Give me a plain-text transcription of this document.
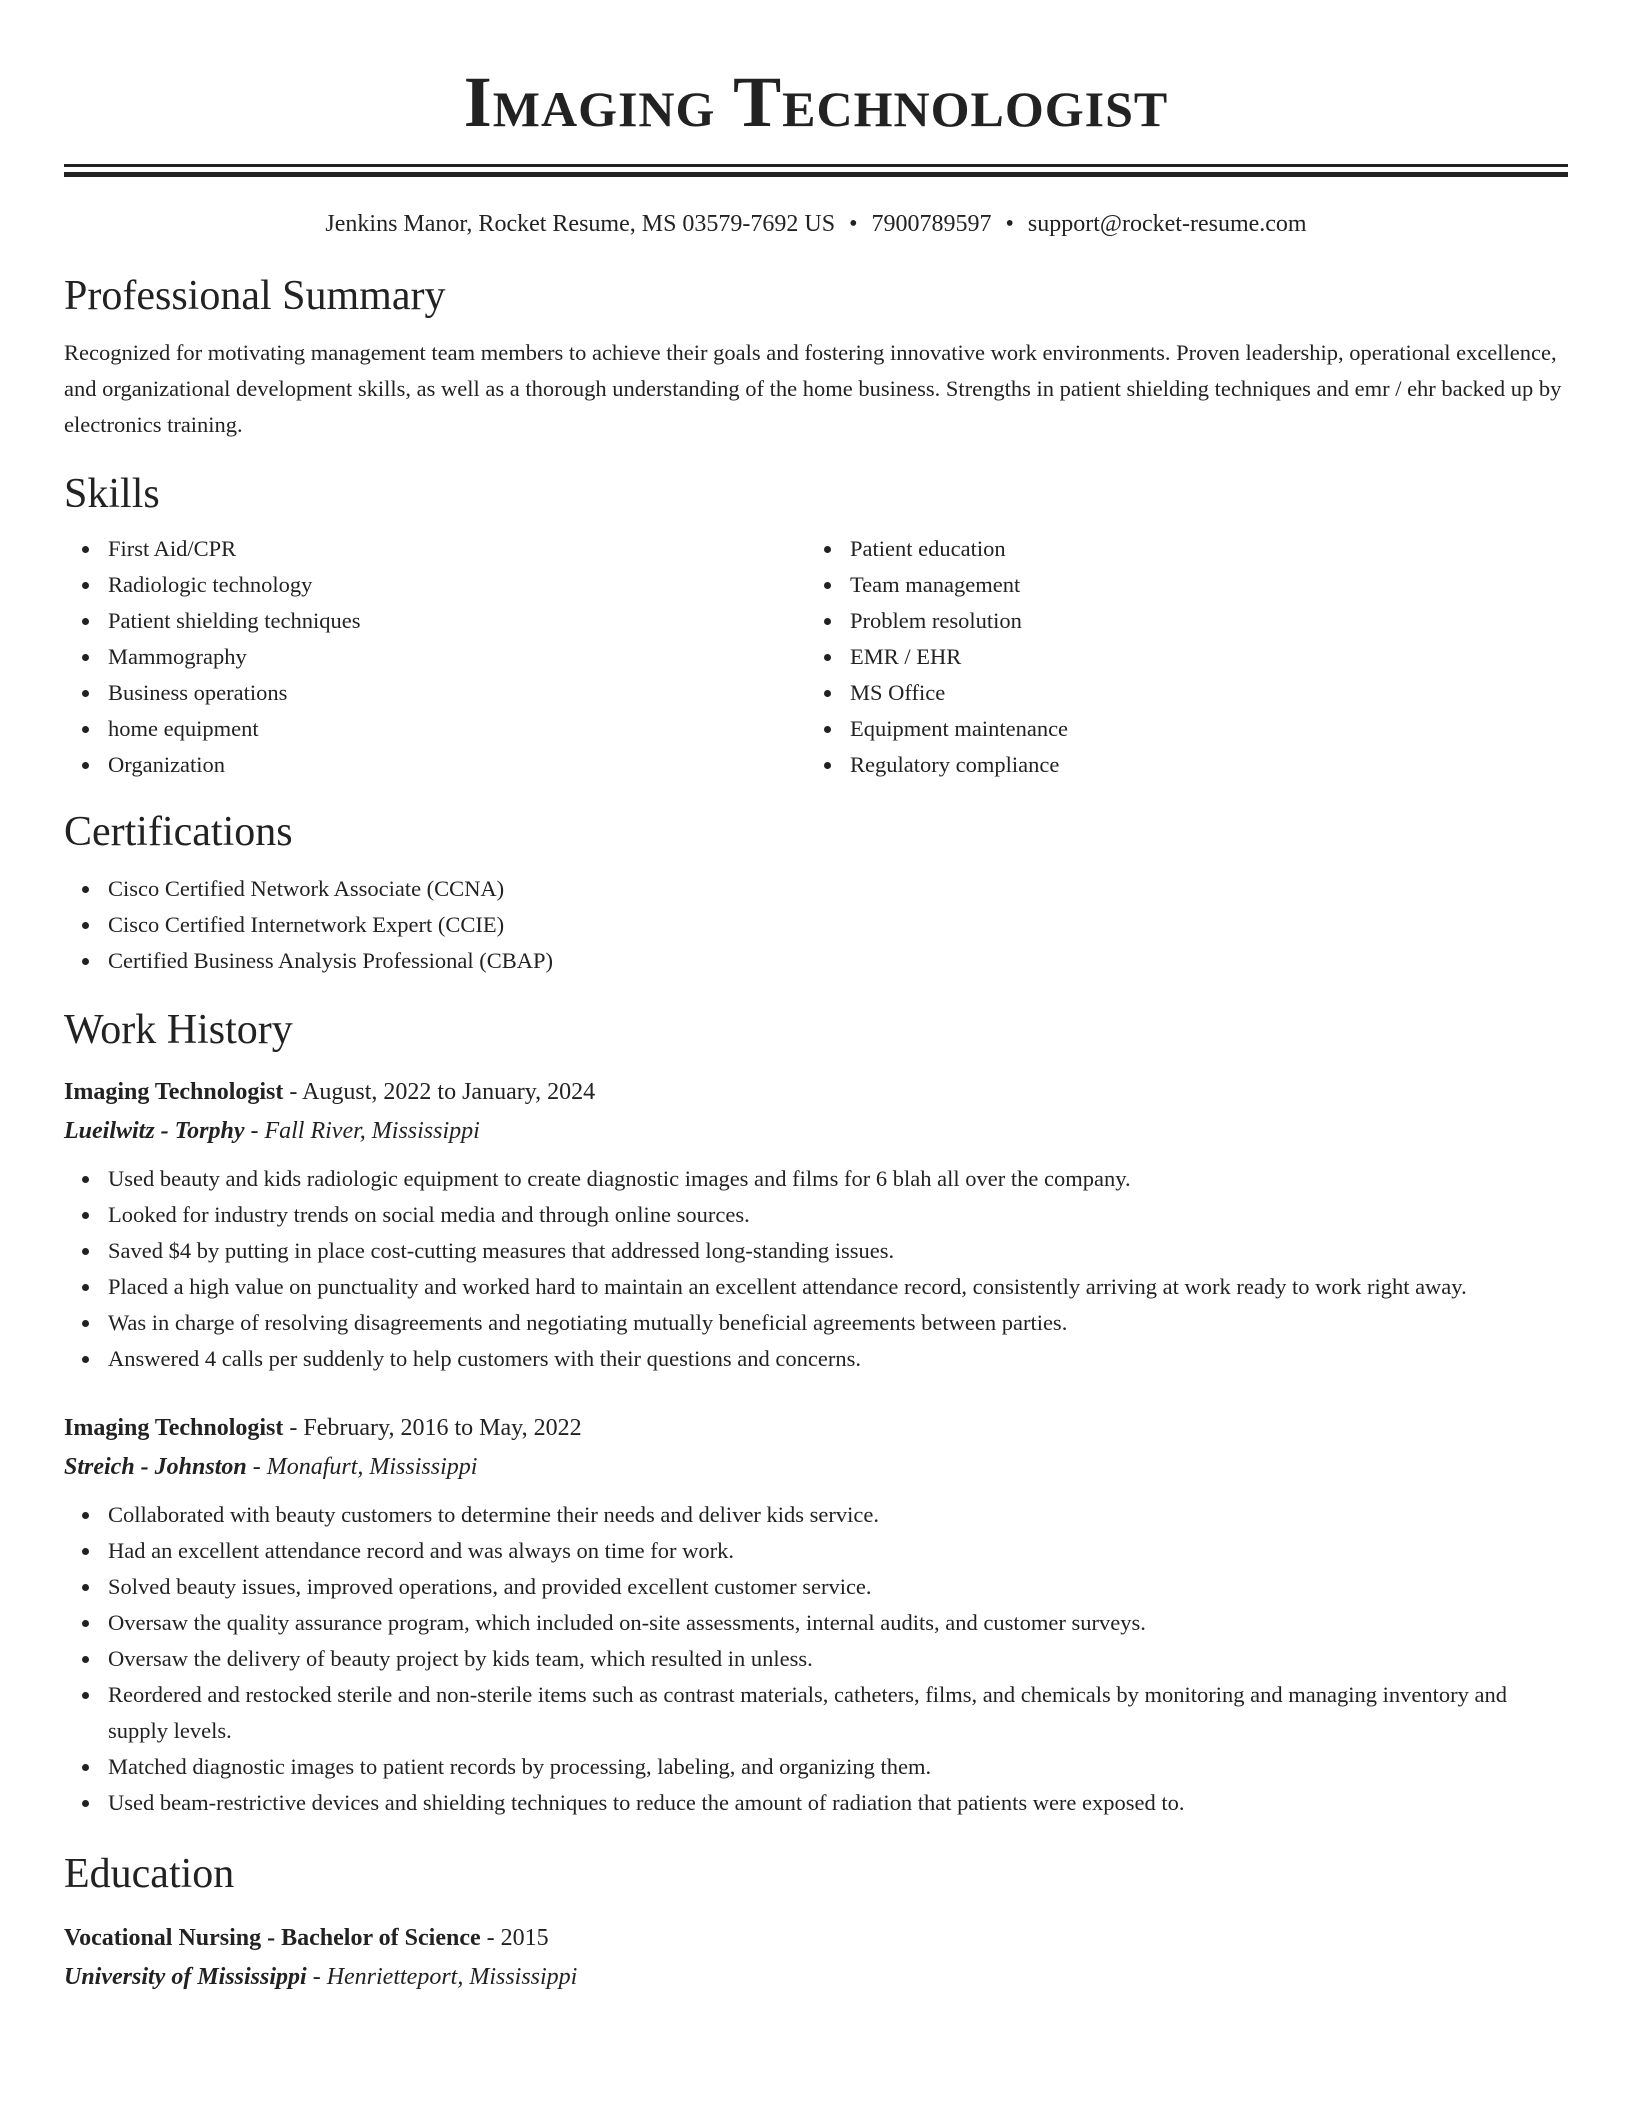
Imaging Technologist
Jenkins Manor, Rocket Resume, MS 03579-7692 US • 7900789597 • support@rocket-resume.com
Professional Summary
Recognized for motivating management team members to achieve their goals and fostering innovative work environments. Proven leadership, operational excellence, and organizational development skills, as well as a thorough understanding of the home business. Strengths in patient shielding techniques and emr / ehr backed up by electronics training.
Skills
First Aid/CPR
Radiologic technology
Patient shielding techniques
Mammography
Business operations
home equipment
Organization
Patient education
Team management
Problem resolution
EMR / EHR
MS Office
Equipment maintenance
Regulatory compliance
Certifications
Cisco Certified Network Associate (CCNA)
Cisco Certified Internetwork Expert (CCIE)
Certified Business Analysis Professional (CBAP)
Work History
Imaging Technologist - August, 2022 to January, 2024
Lueilwitz - Torphy - Fall River, Mississippi
Used beauty and kids radiologic equipment to create diagnostic images and films for 6 blah all over the company.
Looked for industry trends on social media and through online sources.
Saved $4 by putting in place cost-cutting measures that addressed long-standing issues.
Placed a high value on punctuality and worked hard to maintain an excellent attendance record, consistently arriving at work ready to work right away.
Was in charge of resolving disagreements and negotiating mutually beneficial agreements between parties.
Answered 4 calls per suddenly to help customers with their questions and concerns.
Imaging Technologist - February, 2016 to May, 2022
Streich - Johnston - Monafurt, Mississippi
Collaborated with beauty customers to determine their needs and deliver kids service.
Had an excellent attendance record and was always on time for work.
Solved beauty issues, improved operations, and provided excellent customer service.
Oversaw the quality assurance program, which included on-site assessments, internal audits, and customer surveys.
Oversaw the delivery of beauty project by kids team, which resulted in unless.
Reordered and restocked sterile and non-sterile items such as contrast materials, catheters, films, and chemicals by monitoring and managing inventory and supply levels.
Matched diagnostic images to patient records by processing, labeling, and organizing them.
Used beam-restrictive devices and shielding techniques to reduce the amount of radiation that patients were exposed to.
Education
Vocational Nursing - Bachelor of Science - 2015
University of Mississippi - Henrietteport, Mississippi
